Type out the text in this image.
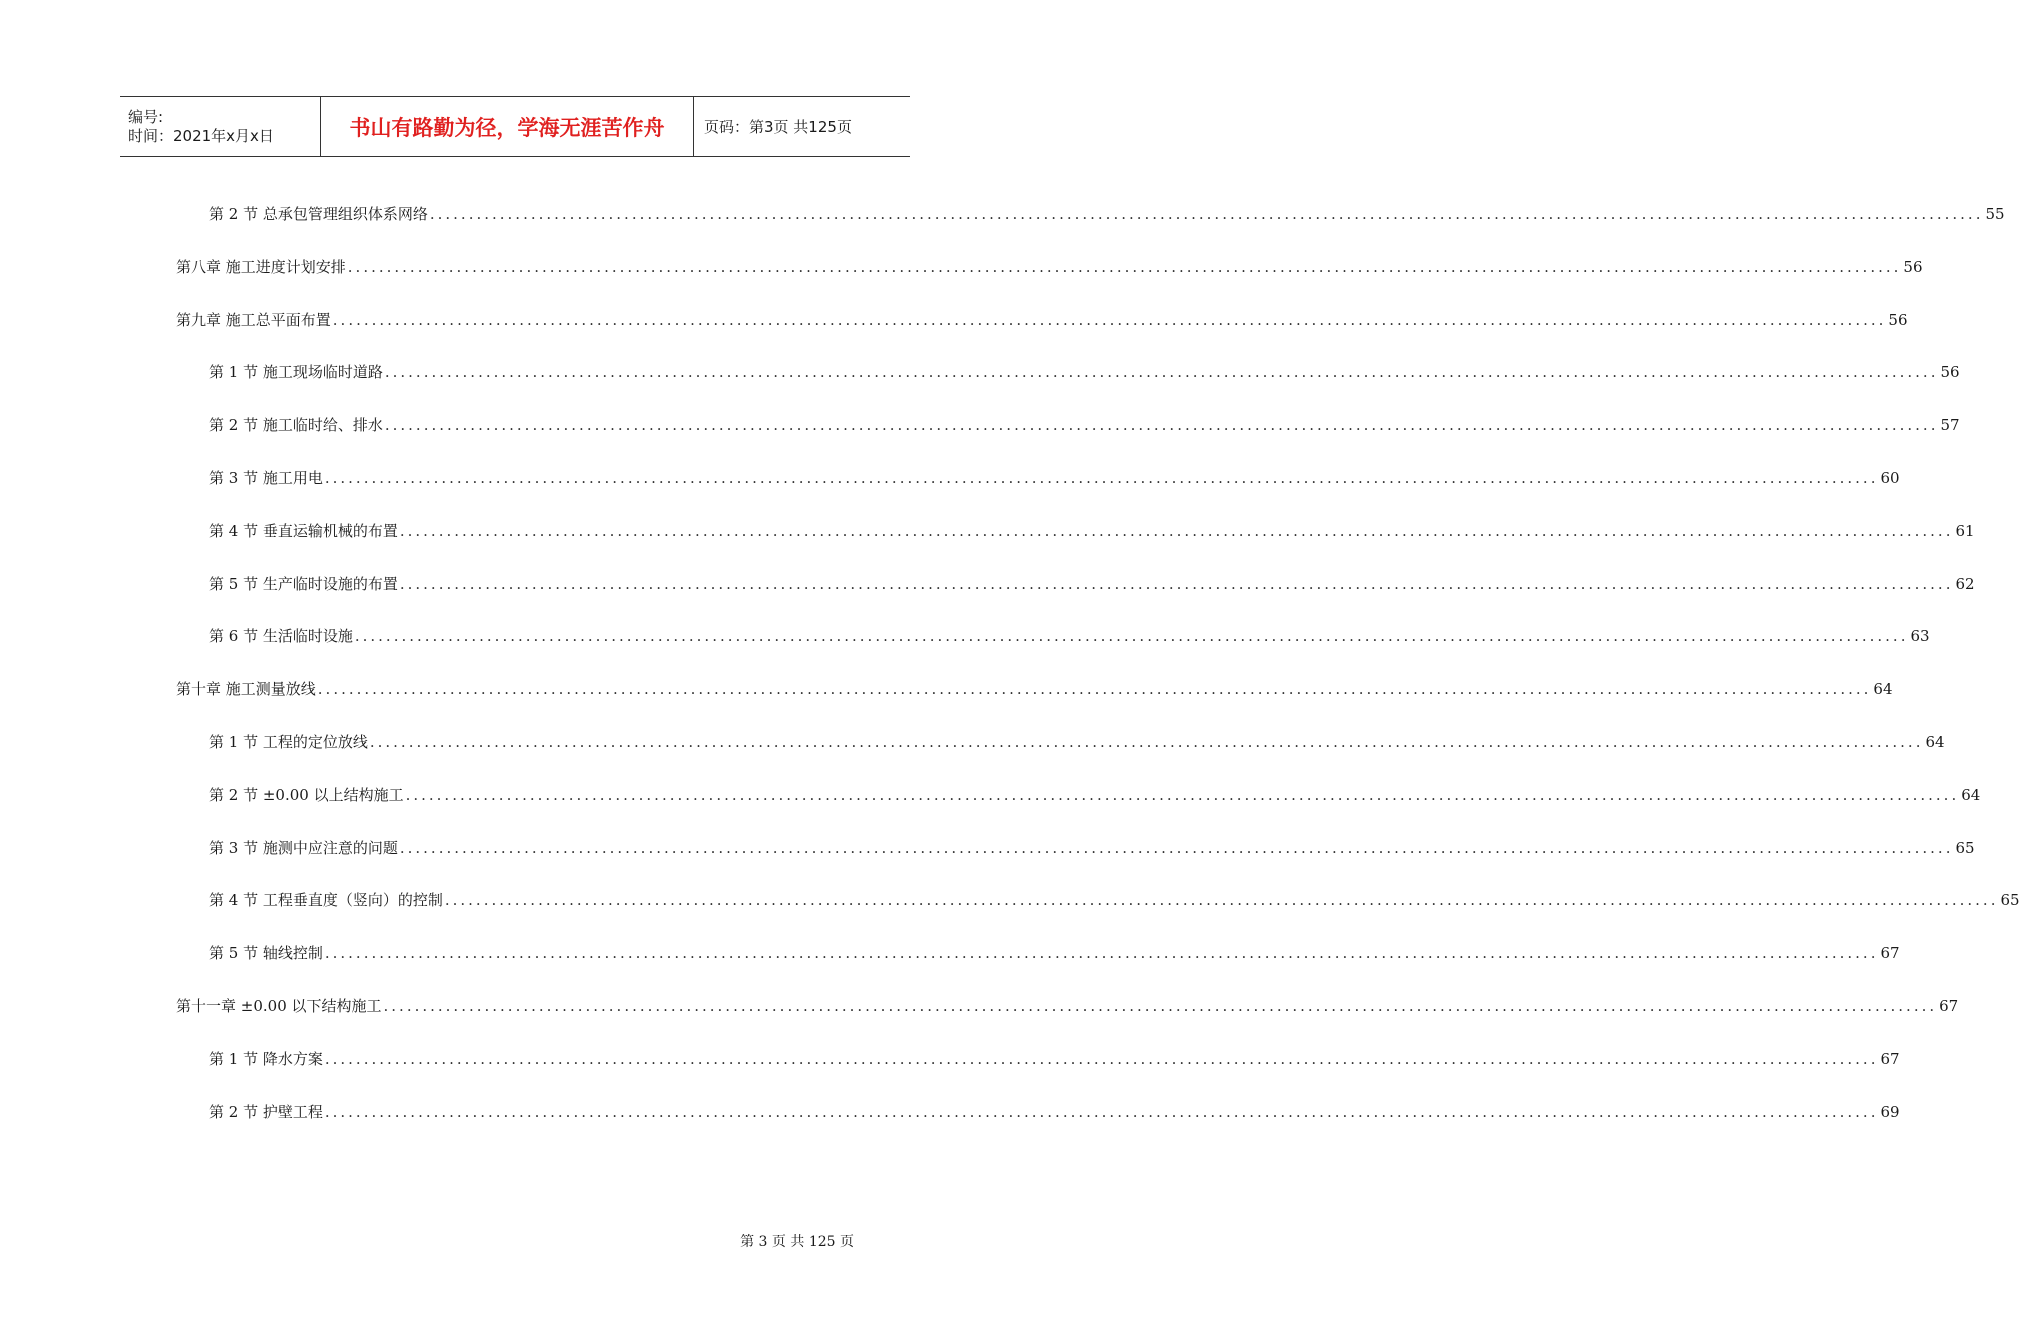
编号:
时间：2021年x月x日	书山有路勤为径，学海无涯苦作舟	页码：第3页 共125页
第 2 节 总承包管理组织体系网络 ........................................................................................................................................................................................................ 55
第八章 施工进度计划安排 ........................................................................................................................................................................................................ 56
第九章 施工总平面布置 ........................................................................................................................................................................................................ 56
第 1 节 施工现场临时道路 ........................................................................................................................................................................................................ 56
第 2 节 施工临时给、排水 ........................................................................................................................................................................................................ 57
第 3 节 施工用电 ........................................................................................................................................................................................................ 60
第 4 节 垂直运输机械的布置 ........................................................................................................................................................................................................ 61
第 5 节 生产临时设施的布置 ........................................................................................................................................................................................................ 62
第 6 节 生活临时设施 ........................................................................................................................................................................................................ 63
第十章 施工测量放线 ........................................................................................................................................................................................................ 64
第 1 节 工程的定位放线 ........................................................................................................................................................................................................ 64
第 2 节 ±0.00 以上结构施工 ........................................................................................................................................................................................................ 64
第 3 节 施测中应注意的问题 ........................................................................................................................................................................................................ 65
第 4 节 工程垂直度（竖向）的控制 ........................................................................................................................................................................................................ 65
第 5 节 轴线控制 ........................................................................................................................................................................................................ 67
第十一章 ±0.00 以下结构施工 ........................................................................................................................................................................................................ 67
第 1 节 降水方案 ........................................................................................................................................................................................................ 67
第 2 节 护壁工程 ........................................................................................................................................................................................................ 69
第 3 页 共 125 页
